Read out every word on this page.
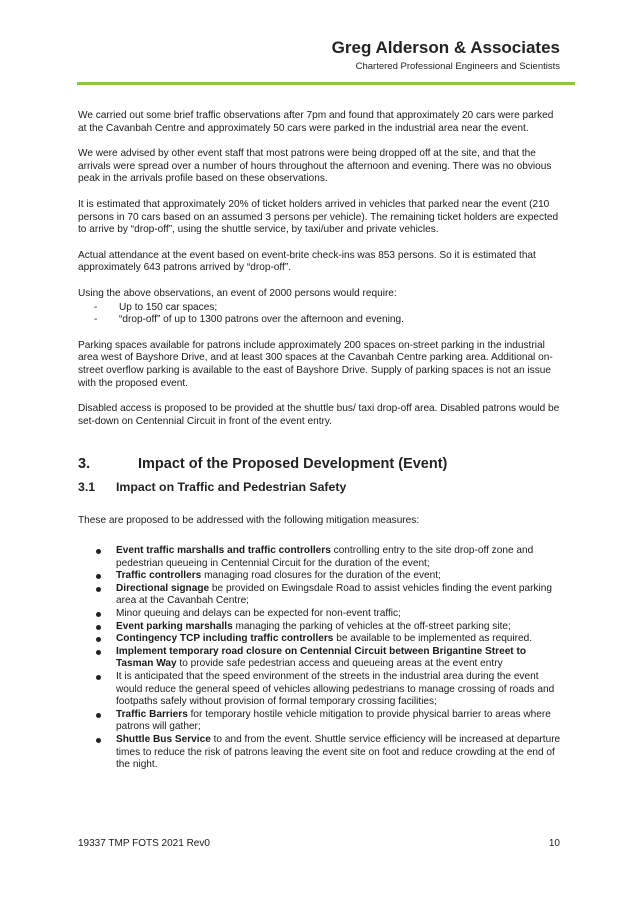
Greg Alderson & Associates
Chartered Professional Engineers and Scientists

We carried out some brief traffic observations after 7pm and found that approximately 20 cars were parked at the Cavanbah Centre and approximately 50 cars were parked in the industrial area near the event.

We were advised by other event staff that most patrons were being dropped off at the site, and that the arrivals were spread over a number of hours throughout the afternoon and evening. There was no obvious peak in the arrivals profile based on these observations.

It is estimated that approximately 20% of ticket holders arrived in vehicles that parked near the event (210 persons in 70 cars based on an assumed 3 persons per vehicle). The remaining ticket holders are expected to arrive by “drop-off”, using the shuttle service, by taxi/uber and private vehicles.

Actual attendance at the event based on event-brite check-ins was 853 persons. So it is estimated that approximately 643 patrons arrived by “drop-off”.

Using the above observations, an event of 2000 persons would require:

- Up to 150 car spaces;
- “drop-off” of up to 1300 patrons over the afternoon and evening.

Parking spaces available for patrons include approximately 200 spaces on-street parking in the industrial area west of Bayshore Drive, and at least 300 spaces at the Cavanbah Centre parking area. Additional on-street overflow parking is available to the east of Bayshore Drive. Supply of parking spaces is not an issue with the proposed event.

Disabled access is proposed to be provided at the shuttle bus/ taxi drop-off area. Disabled patrons would be set-down on Centennial Circuit in front of the event entry.

3.	Impact of the Proposed Development (Event)
3.1	Impact on Traffic and Pedestrian Safety

These are proposed to be addressed with the following mitigation measures:

Event traffic marshalls and traffic controllers controlling entry to the site drop-off zone and pedestrian queueing in Centennial Circuit for the duration of the event;
Traffic controllers managing road closures for the duration of the event;
Directional signage be provided on Ewingsdale Road to assist vehicles finding the event parking area at the Cavanbah Centre;
Minor queuing and delays can be expected for non-event traffic;
Event parking marshalls managing the parking of vehicles at the off-street parking site;
Contingency TCP including traffic controllers be available to be implemented as required.
Implement temporary road closure on Centennial Circuit between Brigantine Street to Tasman Way to provide safe pedestrian access and queueing areas at the event entry
It is anticipated that the speed environment of the streets in the industrial area during the event would reduce the general speed of vehicles allowing pedestrians to manage crossing of roads and footpaths safely without provision of formal temporary crossing facilities;
Traffic Barriers for temporary hostile vehicle mitigation to provide physical barrier to areas where patrons will gather;
Shuttle Bus Service to and from the event. Shuttle service efficiency will be increased at departure times to reduce the risk of patrons leaving the event site on foot and reduce crowding at the end of the night.
19337 TMP FOTS 2021 Rev0	10
